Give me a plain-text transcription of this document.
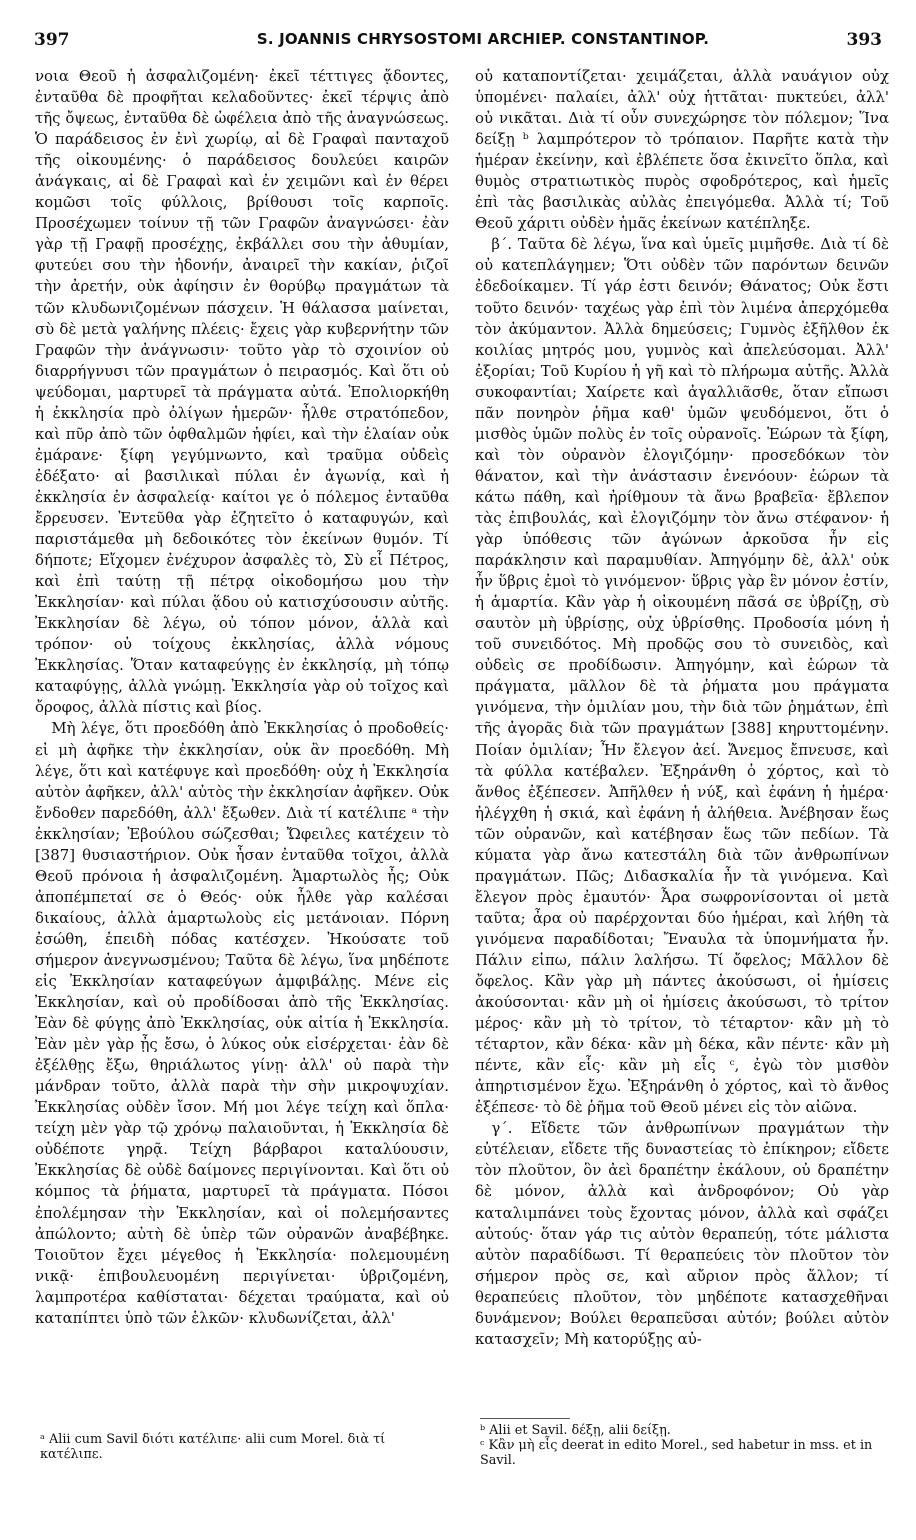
397	S. JOANNIS CHRYSOSTOMI ARCHIEP. CONSTANTINOP.	393

νοια Θεοῦ ἡ ἀσφαλιζομένη· ἐκεῖ τέττιγες ᾄδοντες, ἐνταῦθα δὲ προφῆται κελαδοῦντες· ἐκεῖ τέρψις ἀπὸ τῆς ὄψεως, ἐνταῦθα δὲ ὠφέλεια ἀπὸ τῆς ἀναγνώσεως. Ὁ παράδεισος ἐν ἑνὶ χωρίῳ, αἱ δὲ Γραφαὶ πανταχοῦ τῆς οἰκουμένης· ὁ παράδεισος δουλεύει καιρῶν ἀνάγκαις, αἱ δὲ Γραφαὶ καὶ ἐν χειμῶνι καὶ ἐν θέρει κομῶσι τοῖς φύλλοις, βρίθουσι τοῖς καρποῖς. Προσέχωμεν τοίνυν τῇ τῶν Γραφῶν ἀναγνώσει· ἐὰν γὰρ τῇ Γραφῇ προσέχῃς, ἐκβάλλει σου τὴν ἀθυμίαν, φυτεύει σου τὴν ἡδονήν, ἀναιρεῖ τὴν κακίαν, ῥιζοῖ τὴν ἀρετήν, οὐκ ἀφίησιν ἐν θορύβῳ πραγμάτων τὰ τῶν κλυδωνιζομένων πάσχειν. Ἡ θάλασσα μαίνεται, σὺ δὲ μετὰ γαλήνης πλέεις· ἔχεις γὰρ κυβερνήτην τῶν Γραφῶν τὴν ἀνάγνωσιν· τοῦτο γὰρ τὸ σχοινίον οὐ διαρρήγνυσι τῶν πραγμάτων ὁ πειρασμός. Καὶ ὅτι οὐ ψεύδομαι, μαρτυρεῖ τὰ πράγματα αὐτά. Ἐπολιορκήθη ἡ ἐκκλησία πρὸ ὀλίγων ἡμερῶν· ἦλθε στρατόπεδον, καὶ πῦρ ἀπὸ τῶν ὀφθαλμῶν ἠφίει, καὶ τὴν ἐλαίαν οὐκ ἐμάρανε· ξίφη γεγύμνωντο, καὶ τραῦμα οὐδεὶς ἐδέξατο· αἱ βασιλικαὶ πύλαι ἐν ἀγωνίᾳ, καὶ ἡ ἐκκλησία ἐν ἀσφαλείᾳ· καίτοι γε ὁ πόλεμος ἐνταῦθα ἔρρευσεν. Ἐντεῦθα γὰρ ἐζητεῖτο ὁ καταφυγών, καὶ παριστάμεθα μὴ δεδοικότες τὸν ἐκείνων θυμόν. Τί δήποτε; Εἴχομεν ἐνέχυρον ἀσφαλὲς τὸ, Σὺ εἶ Πέτρος, καὶ ἐπὶ ταύτῃ τῇ πέτρᾳ οἰκοδομήσω μου τὴν Ἐκκλησίαν· καὶ πύλαι ᾅδου οὐ κατισχύσουσιν αὐτῆς. Ἐκκλησίαν δὲ λέγω, οὐ τόπον μόνον, ἀλλὰ καὶ τρόπον· οὐ τοίχους ἐκκλησίας, ἀλλὰ νόμους Ἐκκλησίας. Ὅταν καταφεύγῃς ἐν ἐκκλησίᾳ, μὴ τόπῳ καταφύγῃς, ἀλλὰ γνώμῃ. Ἐκκλησία γὰρ οὐ τοῖχος καὶ ὄροφος, ἀλλὰ πίστις καὶ βίος.

Μὴ λέγε, ὅτι προεδόθη ἀπὸ Ἐκκλησίας ὁ προδοθείς· εἰ μὴ ἀφῆκε τὴν ἐκκλησίαν, οὐκ ἂν προεδόθη. Μὴ λέγε, ὅτι καὶ κατέφυγε καὶ προεδόθη· οὐχ ἡ Ἐκκλησία αὐτὸν ἀφῆκεν, ἀλλ' αὐτὸς τὴν ἐκκλησίαν ἀφῆκεν. Οὐκ ἔνδοθεν παρεδόθη, ἀλλ' ἔξωθεν. Διὰ τί κατέλιπε ᵃ τὴν ἐκκλησίαν; Ἐβούλου σώζεσθαι; Ὤφειλες κατέχειν τὸ [387] θυσιαστήριον. Οὐκ ἦσαν ἐνταῦθα τοῖχοι, ἀλλὰ Θεοῦ πρόνοια ἡ ἀσφαλιζομένη. Ἁμαρτωλὸς ἦς; Οὐκ ἀποπέμπεταί σε ὁ Θεός· οὐκ ἦλθε γὰρ καλέσαι δικαίους, ἀλλὰ ἁμαρτωλοὺς εἰς μετάνοιαν. Πόρνη ἐσώθη, ἐπειδὴ πόδας κατέσχεν. Ἠκούσατε τοῦ σήμερον ἀνεγνωσμένου; Ταῦτα δὲ λέγω, ἵνα μηδέποτε εἰς Ἐκκλησίαν καταφεύγων ἀμφιβάλῃς. Μένε εἰς Ἐκκλησίαν, καὶ οὐ προδίδοσαι ἀπὸ τῆς Ἐκκλησίας. Ἐὰν δὲ φύγῃς ἀπὸ Ἐκκλησίας, οὐκ αἰτία ἡ Ἐκκλησία. Ἐὰν μὲν γὰρ ᾖς ἔσω, ὁ λύκος οὐκ εἰσέρχεται· ἐὰν δὲ ἐξέλθῃς ἔξω, θηριάλωτος γίνῃ· ἀλλ' οὐ παρὰ τὴν μάνδραν τοῦτο, ἀλλὰ παρὰ τὴν σὴν μικροψυχίαν. Ἐκκλησίας οὐδὲν ἴσον. Μή μοι λέγε τείχη καὶ ὅπλα· τείχη μὲν γὰρ τῷ χρόνῳ παλαιοῦνται, ἡ Ἐκκλησία δὲ οὐδέποτε γηρᾷ. Τείχη βάρβαροι καταλύουσιν, Ἐκκλησίας δὲ οὐδὲ δαίμονες περιγίνονται. Καὶ ὅτι οὐ κόμπος τὰ ῥήματα, μαρτυρεῖ τὰ πράγματα. Πόσοι ἐπολέμησαν τὴν Ἐκκλησίαν, καὶ οἱ πολεμήσαντες ἀπώλοντο; αὐτὴ δὲ ὑπὲρ τῶν οὐρανῶν ἀναβέβηκε. Τοιοῦτον ἔχει μέγεθος ἡ Ἐκκλησία· πολεμουμένη νικᾷ· ἐπιβουλευομένη περιγίνεται· ὑβριζομένη, λαμπροτέρα καθίσταται· δέχεται τραύματα, καὶ οὐ καταπίπτει ὑπὸ τῶν ἑλκῶν· κλυδωνίζεται, ἀλλ'

οὐ καταποντίζεται· χειμάζεται, ἀλλὰ ναυάγιον οὐχ ὑπομένει· παλαίει, ἀλλ' οὐχ ἡττᾶται· πυκτεύει, ἀλλ' οὐ νικᾶται. Διὰ τί οὖν συνεχώρησε τὸν πόλεμον; Ἵνα δείξῃ ᵇ λαμπρότερον τὸ τρόπαιον. Παρῆτε κατὰ τὴν ἡμέραν ἐκείνην, καὶ ἐβλέπετε ὅσα ἐκινεῖτο ὅπλα, καὶ θυμὸς στρατιωτικὸς πυρὸς σφοδρότερος, καὶ ἡμεῖς ἐπὶ τὰς βασιλικὰς αὐλὰς ἐπειγόμεθα. Ἀλλὰ τί; Τοῦ Θεοῦ χάριτι οὐδὲν ἡμᾶς ἐκείνων κατέπληξε.

β΄. Ταῦτα δὲ λέγω, ἵνα καὶ ὑμεῖς μιμῆσθε. Διὰ τί δὲ οὐ κατεπλάγημεν; Ὅτι οὐδὲν τῶν παρόντων δεινῶν ἐδεδοίκαμεν. Τί γάρ ἐστι δεινόν; Θάνατος; Οὐκ ἔστι τοῦτο δεινόν· ταχέως γὰρ ἐπὶ τὸν λιμένα ἀπερχόμεθα τὸν ἀκύμαντον. Ἀλλὰ δημεύσεις; Γυμνὸς ἐξῆλθον ἐκ κοιλίας μητρός μου, γυμνὸς καὶ ἀπελεύσομαι. Ἀλλ' ἐξορίαι; Τοῦ Κυρίου ἡ γῆ καὶ τὸ πλήρωμα αὐτῆς. Ἀλλὰ συκοφαντίαι; Χαίρετε καὶ ἀγαλλιᾶσθε, ὅταν εἴπωσι πᾶν πονηρὸν ῥῆμα καθ' ὑμῶν ψευδόμενοι, ὅτι ὁ μισθὸς ὑμῶν πολὺς ἐν τοῖς οὐρανοῖς. Ἑώρων τὰ ξίφη, καὶ τὸν οὐρανὸν ἐλογιζόμην· προσεδόκων τὸν θάνατον, καὶ τὴν ἀνάστασιν ἐνενόουν· ἑώρων τὰ κάτω πάθη, καὶ ἠρίθμουν τὰ ἄνω βραβεῖα· ἔβλεπον τὰς ἐπιβουλάς, καὶ ἐλογιζόμην τὸν ἄνω στέφανον· ἡ γὰρ ὑπόθεσις τῶν ἀγώνων ἀρκοῦσα ἦν εἰς παράκλησιν καὶ παραμυθίαν. Ἀπηγόμην δὲ, ἀλλ' οὐκ ἦν ὕβρις ἐμοὶ τὸ γινόμενον· ὕβρις γὰρ ἓν μόνον ἐστίν, ἡ ἁμαρτία. Κἂν γὰρ ἡ οἰκουμένη πᾶσά σε ὑβρίζῃ, σὺ σαυτὸν μὴ ὑβρίσῃς, οὐχ ὑβρίσθης. Προδοσία μόνη ἡ τοῦ συνειδότος. Μὴ προδῷς σου τὸ συνειδὸς, καὶ οὐδεὶς σε προδίδωσιν. Ἀπηγόμην, καὶ ἑώρων τὰ πράγματα, μᾶλλον δὲ τὰ ῥήματα μου πράγματα γινόμενα, τὴν ὁμιλίαν μου, τὴν διὰ τῶν ῥημάτων, ἐπὶ τῆς ἀγορᾶς διὰ τῶν πραγμάτων [388] κηρυττομένην. Ποίαν ὁμιλίαν; Ἦν ἔλεγον ἀεί. Ἄνεμος ἔπνευσε, καὶ τὰ φύλλα κατέβαλεν. Ἐξηράνθη ὁ χόρτος, καὶ τὸ ἄνθος ἐξέπεσεν. Ἀπῆλθεν ἡ νύξ, καὶ ἐφάνη ἡ ἡμέρα· ἠλέγχθη ἡ σκιά, καὶ ἐφάνη ἡ ἀλήθεια. Ἀνέβησαν ἕως τῶν οὐρανῶν, καὶ κατέβησαν ἕως τῶν πεδίων. Τὰ κύματα γὰρ ἄνω κατεστάλη διὰ τῶν ἀνθρωπίνων πραγμάτων. Πῶς; Διδασκαλία ἦν τὰ γινόμενα. Καὶ ἔλεγον πρὸς ἐμαυτόν· Ἆρα σωφρονίσονται οἱ μετὰ ταῦτα; ἆρα οὐ παρέρχονται δύο ἡμέραι, καὶ λήθη τὰ γινόμενα παραδίδοται; Ἔναυλα τὰ ὑπομνήματα ἦν. Πάλιν εἰπω, πάλιν λαλήσω. Τί ὄφελος; Μᾶλλον δὲ ὄφελος. Κἂν γὰρ μὴ πάντες ἀκούσωσι, οἱ ἡμίσεις ἀκούσονται· κἂν μὴ οἱ ἡμίσεις ἀκούσωσι, τὸ τρίτον μέρος· κἂν μὴ τὸ τρίτον, τὸ τέταρτον· κἂν μὴ τὸ τέταρτον, κἂν δέκα· κἂν μὴ δέκα, κἂν πέντε· κἂν μὴ πέντε, κἂν εἷς· κἂν μὴ εἷς ᶜ, ἐγὼ τὸν μισθὸν ἀπηρτισμένον ἔχω. Ἐξηράνθη ὁ χόρτος, καὶ τὸ ἄνθος ἐξέπεσε· τὸ δὲ ῥῆμα τοῦ Θεοῦ μένει εἰς τὸν αἰῶνα.

γ΄. Εἴδετε τῶν ἀνθρωπίνων πραγμάτων τὴν εὐτέλειαν, εἴδετε τῆς δυναστείας τὸ ἐπίκηρον; εἴδετε τὸν πλοῦτον, ὃν ἀεὶ δραπέτην ἐκάλουν, οὐ δραπέτην δὲ μόνον, ἀλλὰ καὶ ἀνδροφόνον; Οὐ γὰρ καταλιμπάνει τοὺς ἔχοντας μόνον, ἀλλὰ καὶ σφάζει αὐτούς· ὅταν γάρ τις αὐτὸν θεραπεύῃ, τότε μάλιστα αὐτὸν παραδίδωσι. Τί θεραπεύεις τὸν πλοῦτον τὸν σήμερον πρὸς σε, καὶ αὔριον πρὸς ἄλλον; τί θεραπεύεις πλοῦτον, τὸν μηδέποτε κατασχεθῆναι δυνάμενον; Βούλει θεραπεῦσαι αὐτόν; βούλει αὐτὸν κατασχεῖν; Μὴ κατορύξῃς αὐ-

ᵃ Alii cum Savil διότι κατέλιπε· alii cum Morel. διὰ τί κατέλιπε.
ᵇ Alii et Savil. δέξῃ, alii δείξῃ.
ᶜ Κἂν μὴ εἷς deerat in edito Morel., sed habetur in mss. et in Savil.
